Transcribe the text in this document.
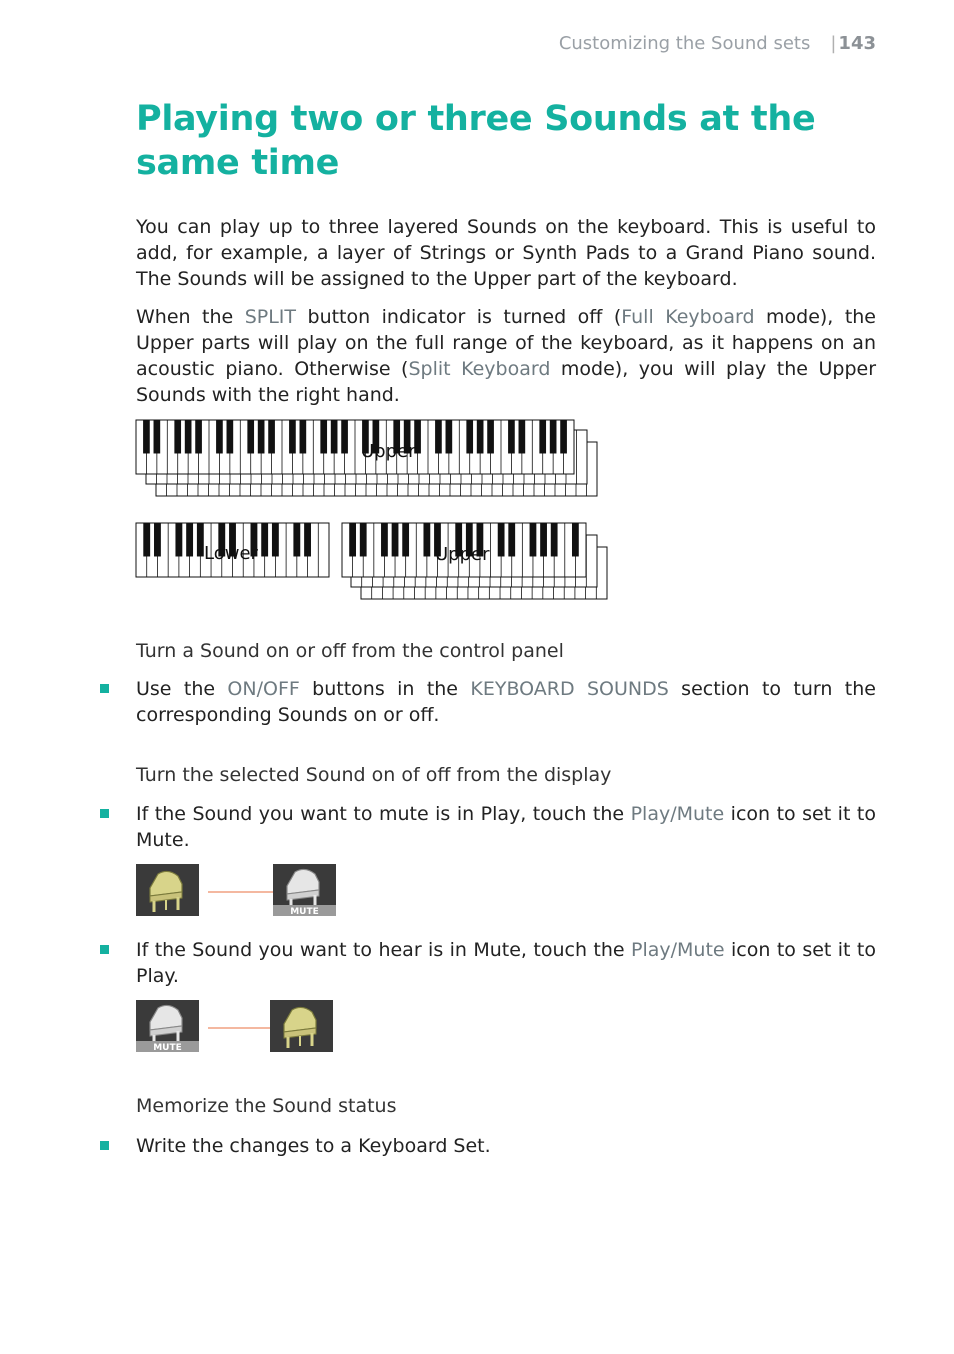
Customizing the Sound sets | 143
Playing two or three Sounds at the same time

You can play up to three layered Sounds on the keyboard. This is useful to add, for example, a layer of Strings or Synth Pads to a Grand Piano sound. The Sounds will be assigned to the Upper part of the keyboard.

When the SPLIT button indicator is turned off (Full Keyboard mode), the Upper parts will play on the full range of the keyboard, as it happens on an acoustic piano. Otherwise (Split Keyboard mode), you will play the Upper Sounds with the right hand.

Upper
Lower	Upper

Turn a Sound on or off from the control panel

Use the ON/OFF buttons in the KEYBOARD SOUNDS section to turn the corresponding Sounds on or off.

Turn the selected Sound on of off from the display

If the Sound you want to mute is in Play, touch the Play/Mute icon to set it to Mute.
MUTE
If the Sound you want to hear is in Mute, touch the Play/Mute icon to set it to Play.
MUTE

Memorize the Sound status

Write the changes to a Keyboard Set.
